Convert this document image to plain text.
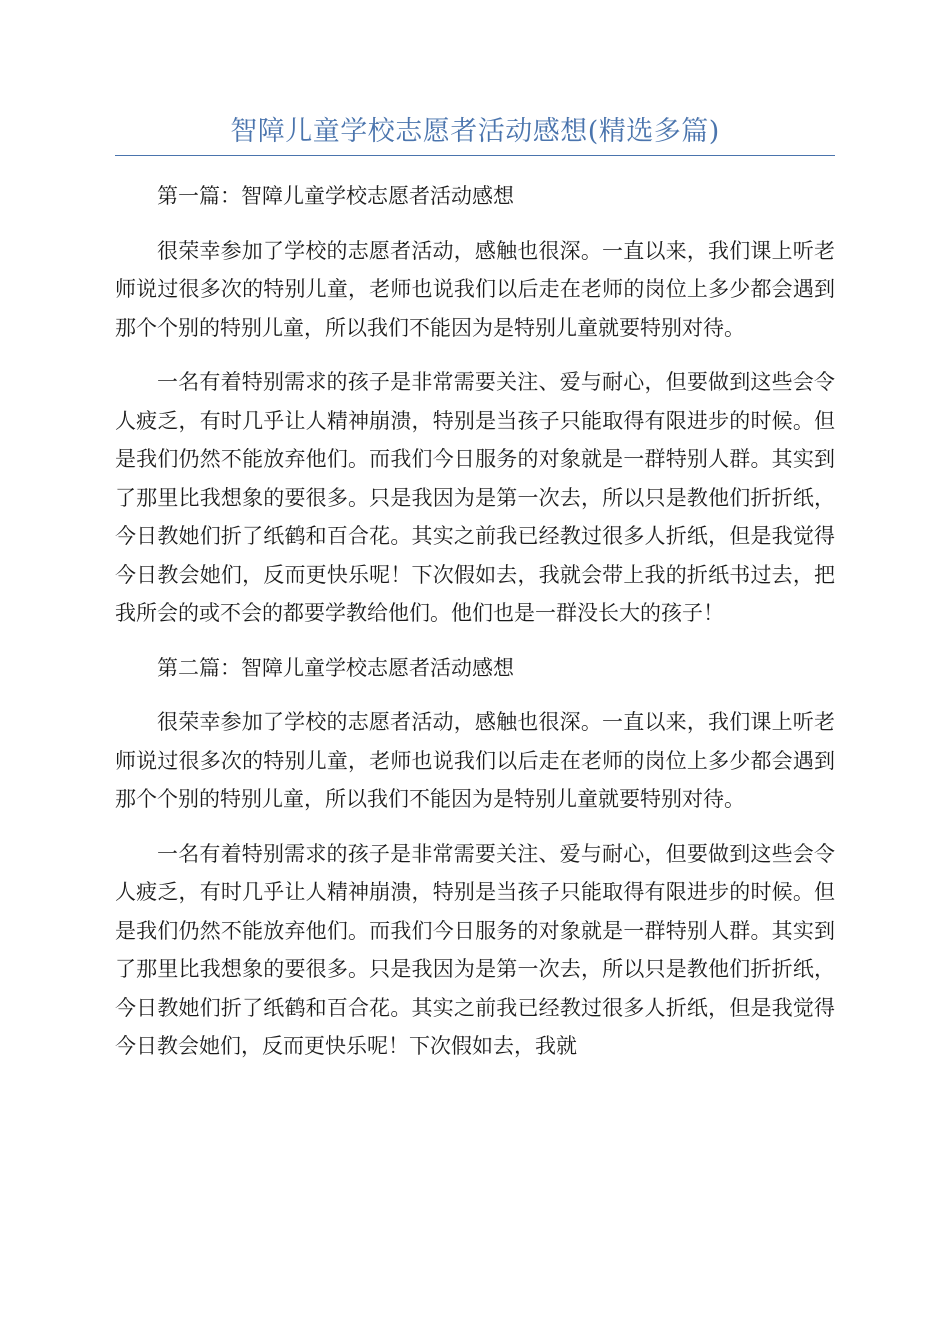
智障儿童学校志愿者活动感想(精选多篇)

第一篇：智障儿童学校志愿者活动感想

很荣幸参加了学校的志愿者活动，感触也很深。一直以来，我们课上听老师说过很多次的特别儿童，老师也说我们以后走在老师的岗位上多少都会遇到那个个别的特别儿童，所以我们不能因为是特别儿童就要特别对待。

一名有着特别需求的孩子是非常需要关注、爱与耐心，但要做到这些会令人疲乏，有时几乎让人精神崩溃，特别是当孩子只能取得有限进步的时候。但是我们仍然不能放弃他们。而我们今日服务的对象就是一群特别人群。其实到了那里比我想象的要很多。只是我因为是第一次去，所以只是教他们折折纸，今日教她们折了纸鹤和百合花。其实之前我已经教过很多人折纸，但是我觉得今日教会她们，反而更快乐呢！下次假如去，我就会带上我的折纸书过去，把我所会的或不会的都要学教给他们。他们也是一群没长大的孩子！

第二篇：智障儿童学校志愿者活动感想

很荣幸参加了学校的志愿者活动，感触也很深。一直以来，我们课上听老师说过很多次的特别儿童，老师也说我们以后走在老师的岗位上多少都会遇到那个个别的特别儿童，所以我们不能因为是特别儿童就要特别对待。

一名有着特别需求的孩子是非常需要关注、爱与耐心，但要做到这些会令人疲乏，有时几乎让人精神崩溃，特别是当孩子只能取得有限进步的时候。但是我们仍然不能放弃他们。而我们今日服务的对象就是一群特别人群。其实到了那里比我想象的要很多。只是我因为是第一次去，所以只是教他们折折纸，今日教她们折了纸鹤和百合花。其实之前我已经教过很多人折纸，但是我觉得今日教会她们，反而更快乐呢！下次假如去，我就
